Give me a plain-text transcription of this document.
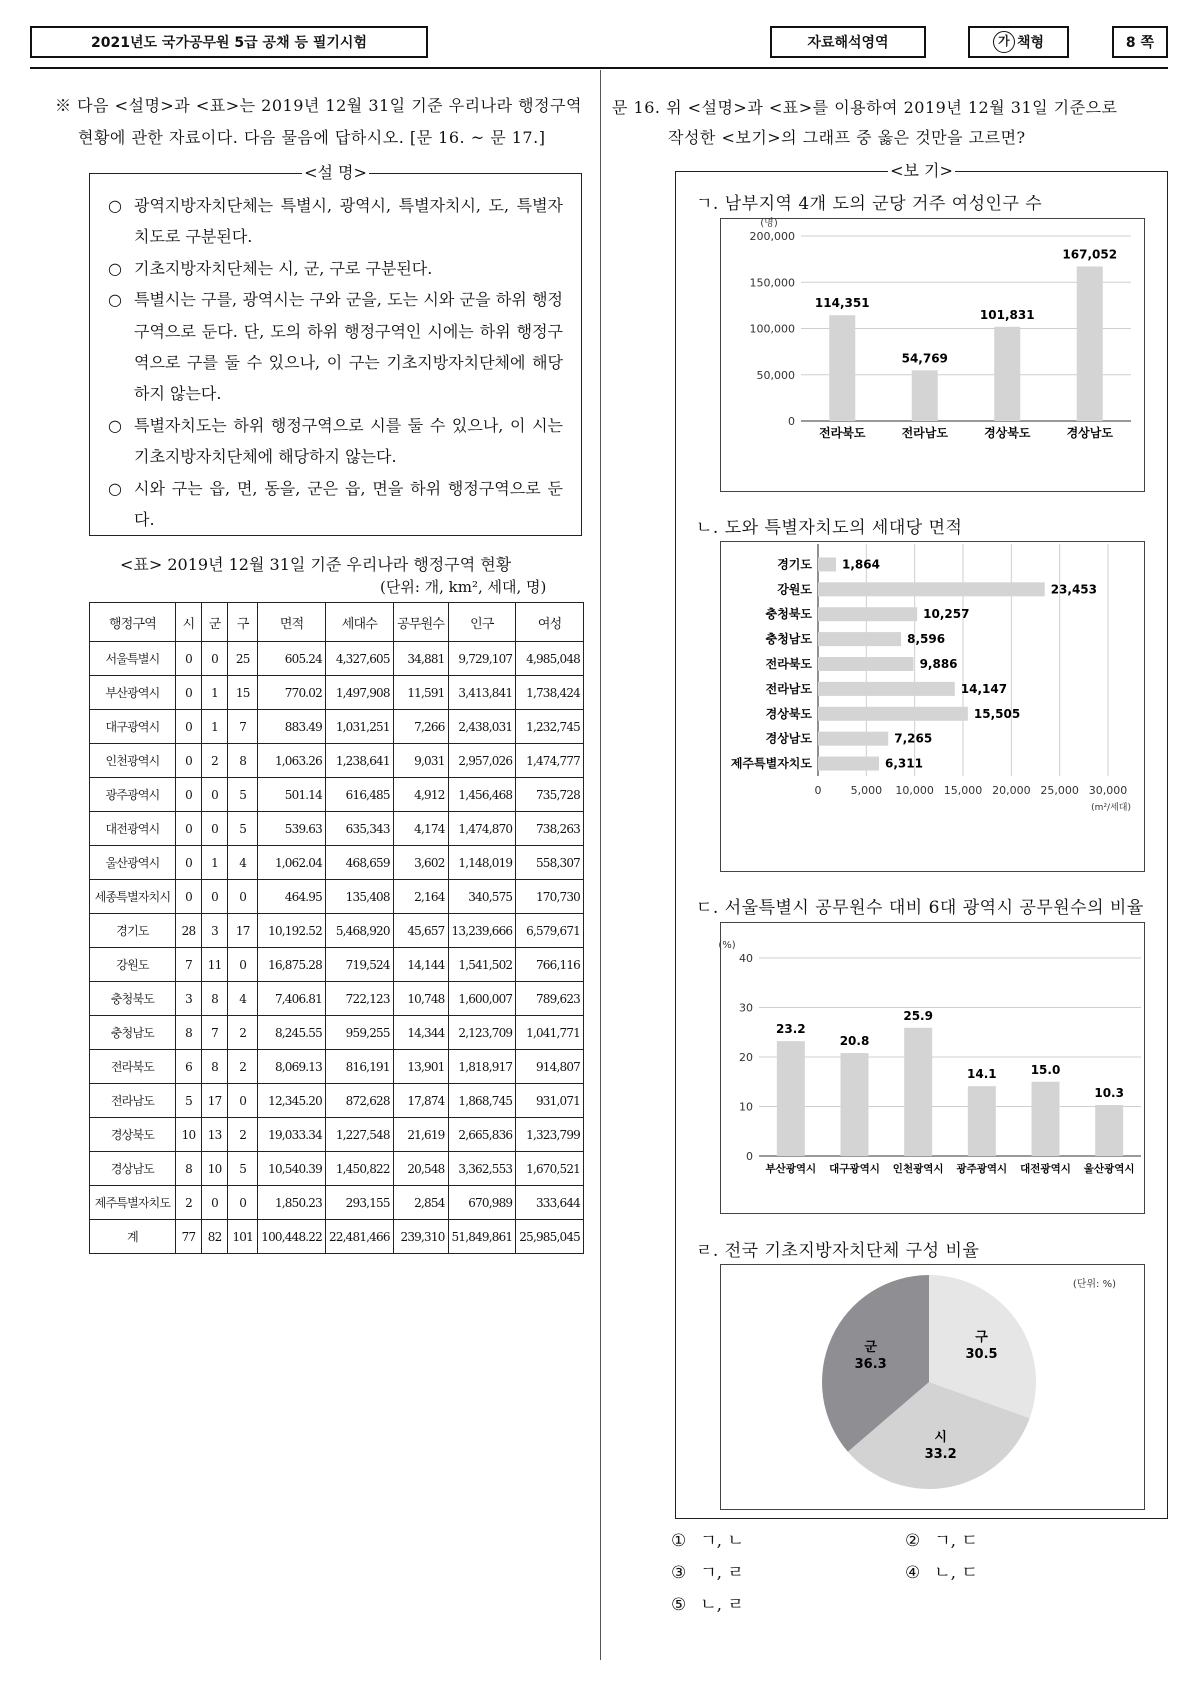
2021년도 국가공무원 5급 공채 등 필기시험	자료해석영역	가 책형	8 쪽
※ 다음 <설명>과 <표>는 2019년 12월 31일 기준 우리나라 행정구역
현황에 관한 자료이다. 다음 물음에 답하시오. [문 16. ~ 문 17.]
<설 명>
○ 광역지방자치단체는 특별시, 광역시, 특별자치시, 도, 특별자치도로 구분된다.
○ 기초지방자치단체는 시, 군, 구로 구분된다.
○ 특별시는 구를, 광역시는 구와 군을, 도는 시와 군을 하위 행정구역으로 둔다. 단, 도의 하위 행정구역인 시에는 하위 행정구역으로 구를 둘 수 있으나, 이 구는 기초지방자치단체에 해당하지 않는다.
○ 특별자치도는 하위 행정구역으로 시를 둘 수 있으나, 이 시는 기초지방자치단체에 해당하지 않는다.
○ 시와 구는 읍, 면, 동을, 군은 읍, 면을 하위 행정구역으로 둔다.
<표> 2019년 12월 31일 기준 우리나라 행정구역 현황
(단위: 개, km², 세대, 명)
행정구역	시	군	구	면적	세대수	공무원수	인구	여성
서울특별시	0	0	25	605.24	4,327,605	34,881	9,729,107	4,985,048
부산광역시	0	1	15	770.02	1,497,908	11,591	3,413,841	1,738,424
대구광역시	0	1	7	883.49	1,031,251	7,266	2,438,031	1,232,745
인천광역시	0	2	8	1,063.26	1,238,641	9,031	2,957,026	1,474,777
광주광역시	0	0	5	501.14	616,485	4,912	1,456,468	735,728
대전광역시	0	0	5	539.63	635,343	4,174	1,474,870	738,263
울산광역시	0	1	4	1,062.04	468,659	3,602	1,148,019	558,307
세종특별자치시	0	0	0	464.95	135,408	2,164	340,575	170,730
경기도	28	3	17	10,192.52	5,468,920	45,657	13,239,666	6,579,671
강원도	7	11	0	16,875.28	719,524	14,144	1,541,502	766,116
충청북도	3	8	4	7,406.81	722,123	10,748	1,600,007	789,623
충청남도	8	7	2	8,245.55	959,255	14,344	2,123,709	1,041,771
전라북도	6	8	2	8,069.13	816,191	13,901	1,818,917	914,807
전라남도	5	17	0	12,345.20	872,628	17,874	1,868,745	931,071
경상북도	10	13	2	19,033.34	1,227,548	21,619	2,665,836	1,323,799
경상남도	8	10	5	10,540.39	1,450,822	20,548	3,362,553	1,670,521
제주특별자치도	2	0	0	1,850.23	293,155	2,854	670,989	333,644
계	77	82	101	100,448.22	22,481,466	239,310	51,849,861	25,985,045
문 16. 위 <설명>과 <표>를 이용하여 2019년 12월 31일 기준으로
작성한 <보기>의 그래프 중 옳은 것만을 고르면?
<보 기>
ㄱ. 남부지역 4개 도의 군당 거주 여성인구 수
(명)
0
50,000
100,000
150,000
200,000
114,351
전라북도
54,769
전라남도
101,831
경상북도
167,052
경상남도
ㄴ. 도와 특별자치도의 세대당 면적
0	5,000 10,000 15,000 20,000 25,000 30,000
(m²/세대)
1,864
경기도
23,453
강원도
10,257
충청북도
8,596
충청남도
9,886
전라북도
14,147
전라남도
15,505
경상북도
7,265
경상남도
6,311
제주특별자치도
ㄷ. 서울특별시 공무원수 대비 6대 광역시 공무원수의 비율
(%)
0
10
20
30
40
23.2
부산광역시
20.8
대구광역시
25.9
인천광역시
14.1
광주광역시
15.0
대전광역시
10.3
울산광역시
ㄹ. 전국 기초지방자치단체 구성 비율
(단위: %)
구
30.5
시
33.2
군
36.3
① ㄱ, ㄴ	② ㄱ, ㄷ
③ ㄱ, ㄹ	④ ㄴ, ㄷ
⑤ ㄴ, ㄹ
